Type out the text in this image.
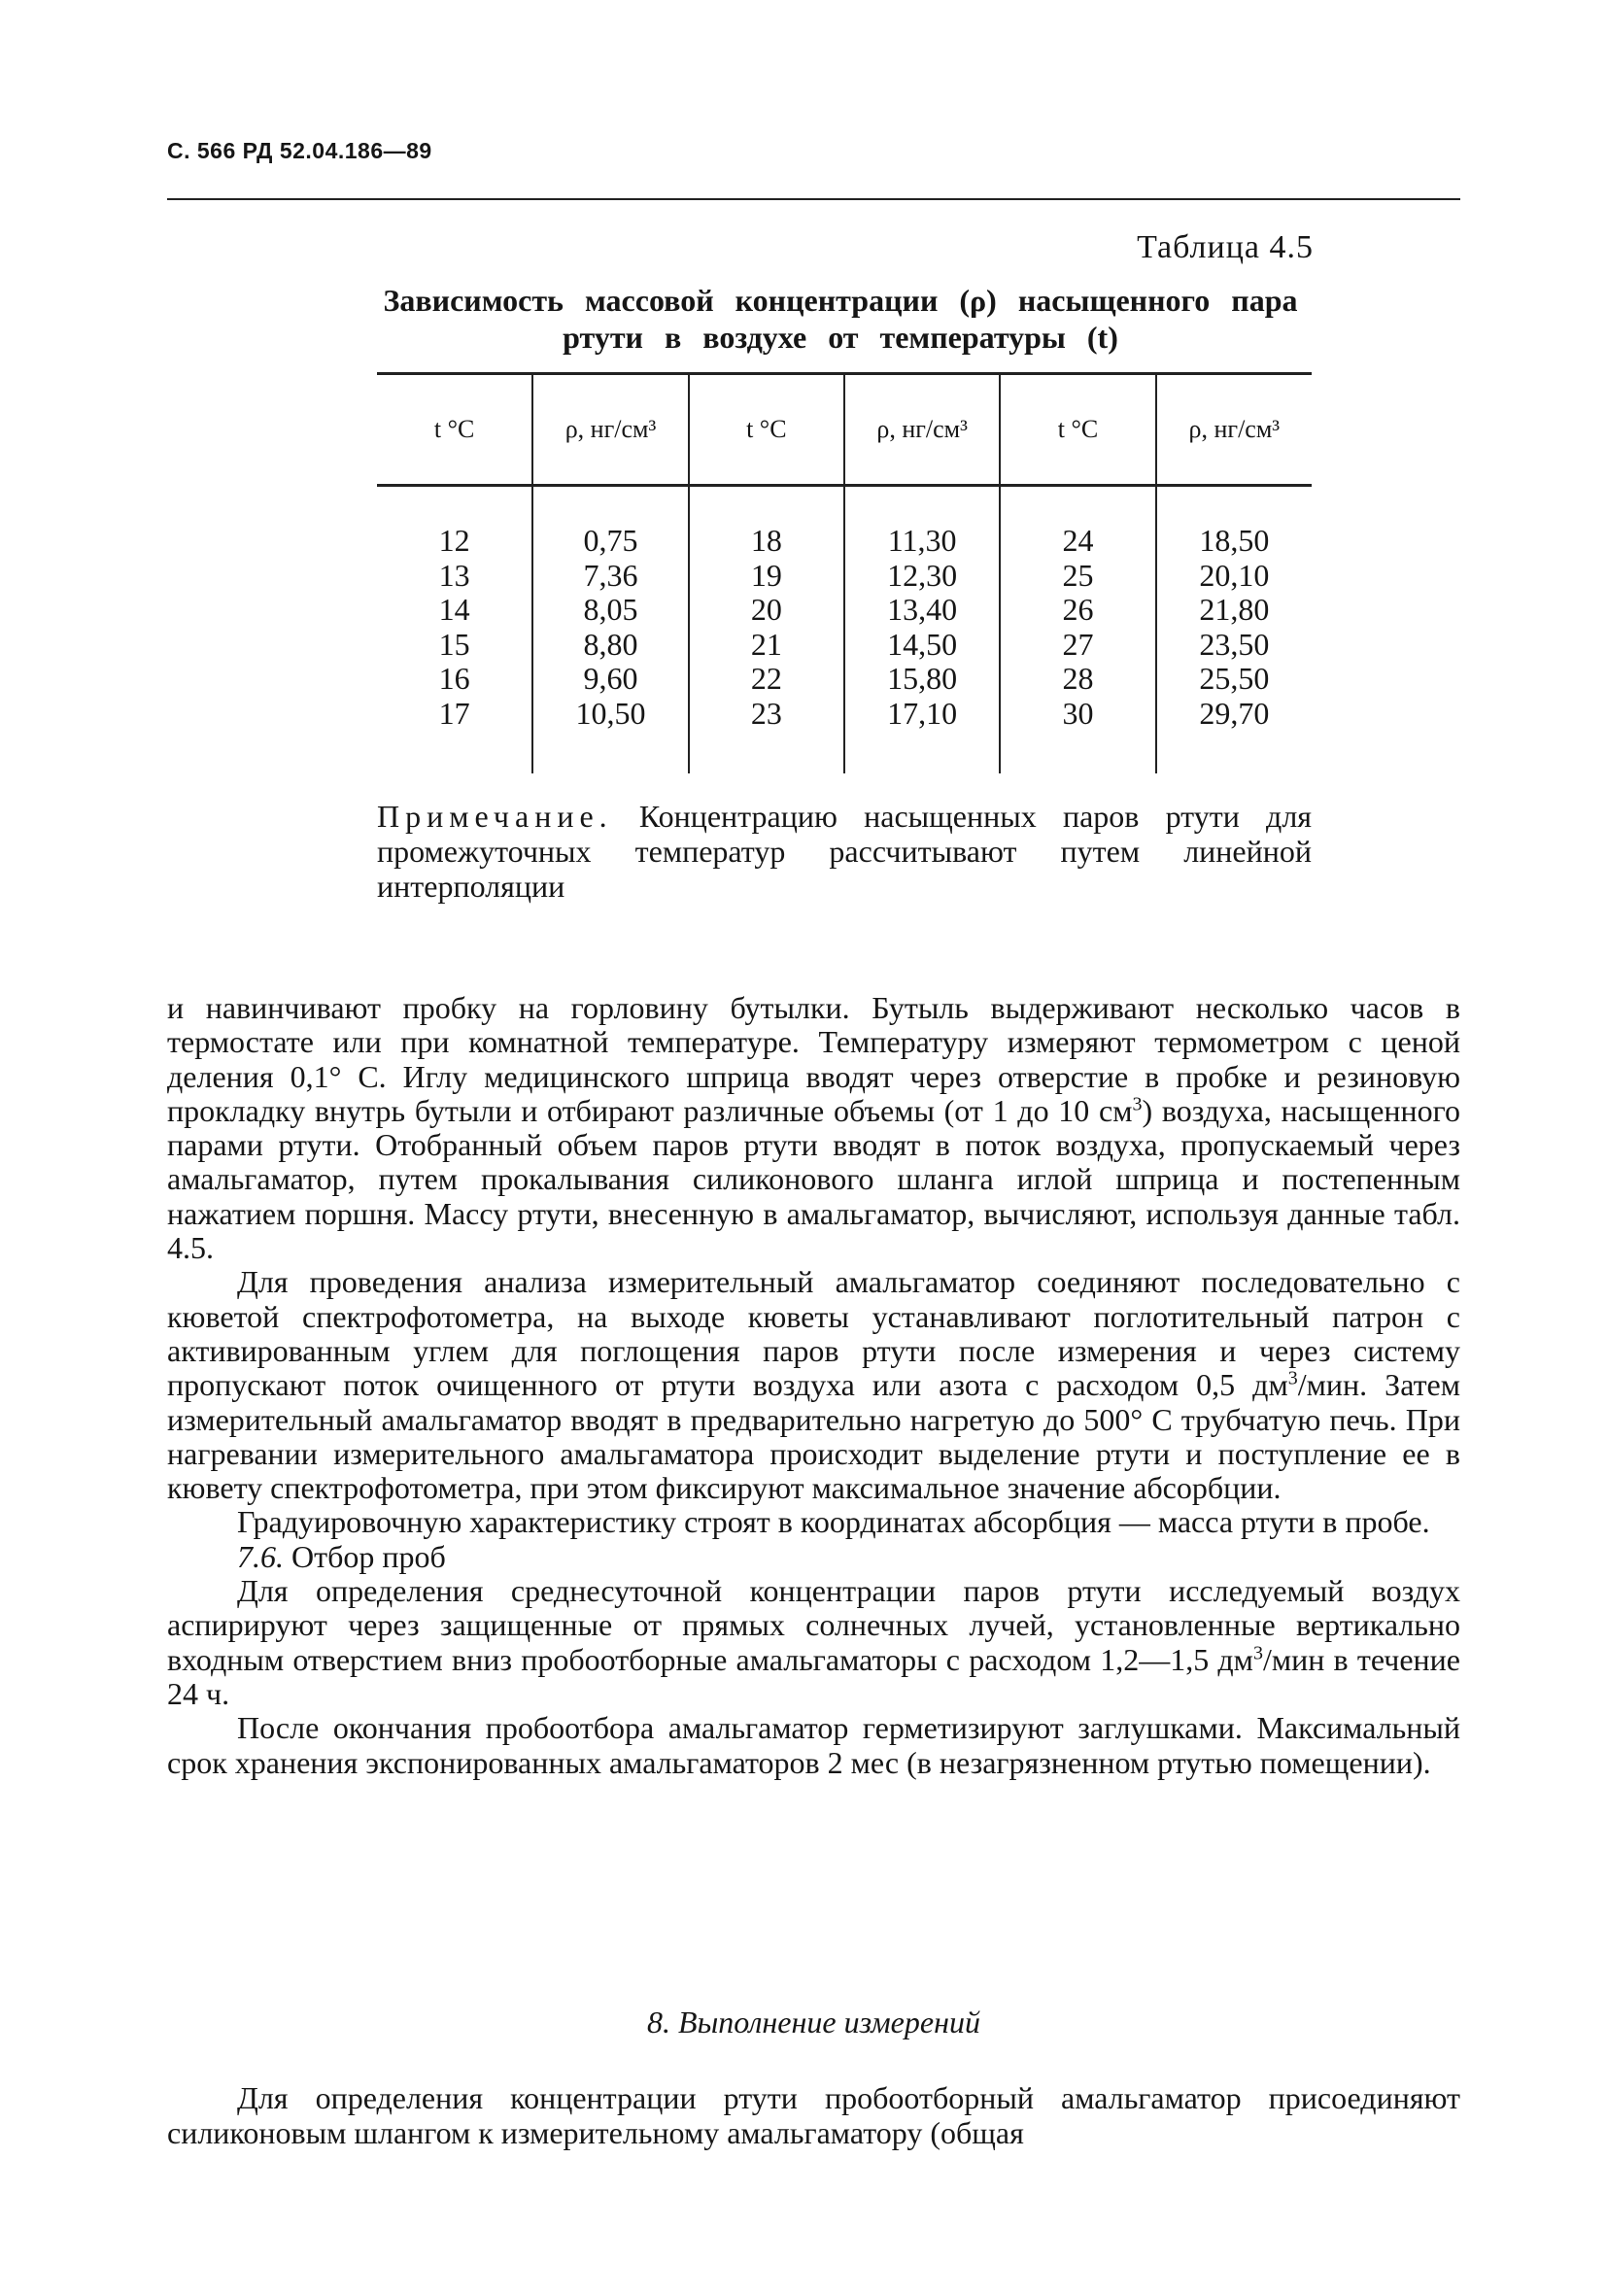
С. 566 РД 52.04.186—89
Таблица 4.5
Зависимость массовой концентрации (ρ) насыщенного пара ртути в воздухе от температуры (t)
t °C	ρ, нг/см³	t °C	ρ, нг/см³	t °C	ρ, нг/см³
12	0,75	18	11,30	24	18,50
13	7,36	19	12,30	25	20,10
14	8,05	20	13,40	26	21,80
15	8,80	21	14,50	27	23,50
16	9,60	22	15,80	28	25,50
17	10,50	23	17,10	30	29,70
Примечание. Концентрацию насыщенных паров ртути для промежуточных температур рассчитывают путем линейной интерполяции

и навинчивают пробку на горловину бутылки. Бутыль выдерживают несколько часов в термостате или при комнатной температуре. Температуру измеряют термометром с ценой деления 0,1° С. Иглу медицинского шприца вводят через отверстие в пробке и резиновую прокладку внутрь бутыли и отбирают различные объемы (от 1 до 10 $см^3$) воздуха, насыщенного парами ртути. Отобранный объем паров ртути вводят в поток воздуха, пропускаемый через амальгаматор, путем прокалывания силиконового шланга иглой шприца и постепенным нажатием поршня. Массу ртути, внесенную в амальгаматор, вычисляют, используя данные табл. 4.5.

Для проведения анализа измерительный амальгаматор соединяют последовательно с кюветой спектрофотометра, на выходе кюветы устанавливают поглотительный патрон с активированным углем для поглощения паров ртути после измерения и через систему пропускают поток очищенного от ртути воздуха или азота с расходом 0,5 $дм^3$/мин. Затем измерительный амальгаматор вводят в предварительно нагретую до 500° С трубчатую печь. При нагревании измерительного амальгаматора происходит выделение ртути и поступление ее в кювету спектрофотометра, при этом фиксируют максимальное значение абсорбции.

Градуировочную характеристику строят в координатах абсорбция — масса ртути в пробе.

7.6. Отбор проб

Для определения среднесуточной концентрации паров ртути исследуемый воздух аспирируют через защищенные от прямых солнечных лучей, установленные вертикально входным отверстием вниз пробоотборные амальгаматоры с расходом 1,2—1,5 $дм^3$/мин в течение 24 ч.

После окончания пробоотбора амальгаматор герметизируют заглушками. Максимальный срок хранения экспонированных амальгаматоров 2 мес (в незагрязненном ртутью помещении).

8. Выполнение измерений

Для определения концентрации ртути пробоотборный амальгаматор присоединяют силиконовым шлангом к измерительному амальгаматору (общая
